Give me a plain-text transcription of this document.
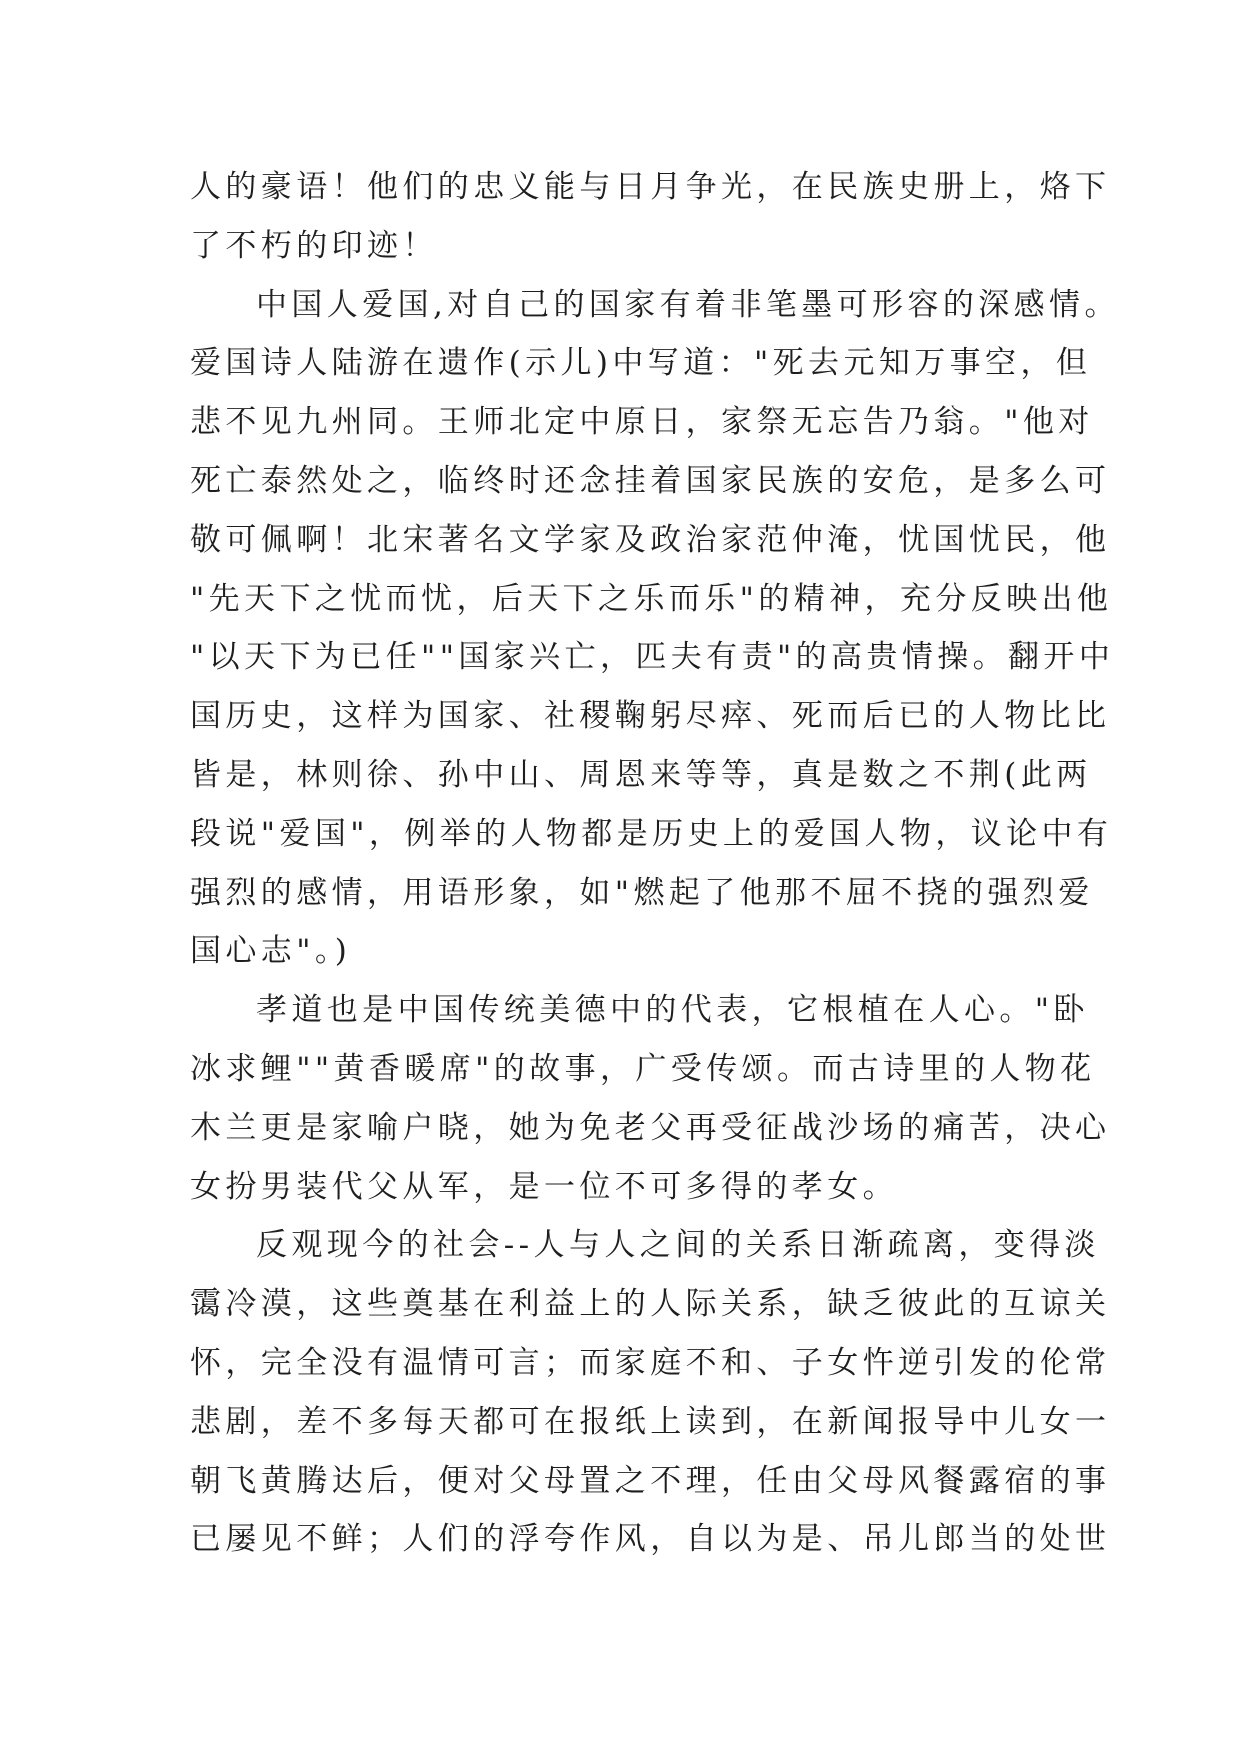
人的豪语！他们的忠义能与日月争光，在民族史册上，烙下
了不朽的印迹！
中国人爱国,对自己的国家有着非笔墨可形容的深感情。
爱国诗人陆游在遗作(示儿)中写道："死去元知万事空，但
悲不见九州同。王师北定中原日，家祭无忘告乃翁。"他对
死亡泰然处之，临终时还念挂着国家民族的安危，是多么可
敬可佩啊！北宋著名文学家及政治家范仲淹，忧国忧民，他
"先天下之忧而忧，后天下之乐而乐"的精神，充分反映出他
"以天下为已任""国家兴亡，匹夫有责"的高贵情操。翻开中
国历史，这样为国家、社稷鞠躬尽瘁、死而后已的人物比比
皆是，林则徐、孙中山、周恩来等等，真是数之不荆(此两
段说"爱国"，例举的人物都是历史上的爱国人物，议论中有
强烈的感情，用语形象，如"燃起了他那不屈不挠的强烈爱
国心志"。)
孝道也是中国传统美德中的代表，它根植在人心。"卧
冰求鲤""黄香暖席"的故事，广受传颂。而古诗里的人物花
木兰更是家喻户晓，她为免老父再受征战沙场的痛苦，决心
女扮男装代父从军，是一位不可多得的孝女。
反观现今的社会--人与人之间的关系日渐疏离，变得淡
霭冷漠，这些奠基在利益上的人际关系，缺乏彼此的互谅关
怀，完全没有温情可言；而家庭不和、子女忤逆引发的伦常
悲剧，差不多每天都可在报纸上读到，在新闻报导中儿女一
朝飞黄腾达后，便对父母置之不理，任由父母风餐露宿的事
已屡见不鲜；人们的浮夸作风，自以为是、吊儿郎当的处世
